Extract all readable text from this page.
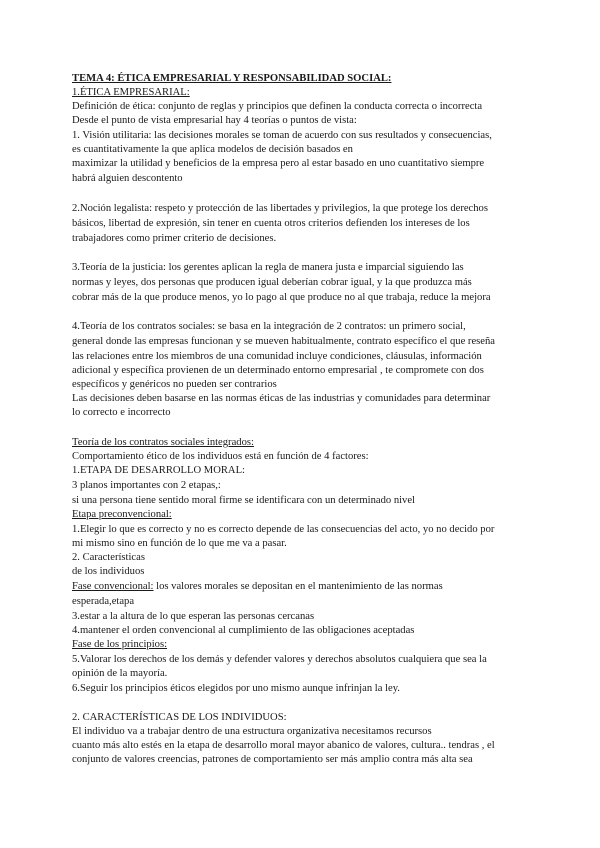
TEMA 4: ÉTICA EMPRESARIAL Y RESPONSABILIDAD SOCIAL:
1.ÉTICA EMPRESARIAL:
Definición de ética: conjunto de reglas y principios que definen la conducta correcta o incorrecta
Desde el punto de vista empresarial hay 4 teorías o puntos de vista:
1. Visión utilitaria: las decisiones morales se toman de acuerdo con sus resultados y consecuencias,
es cuantitativamente la que aplica modelos de decisión basados en
maximizar la utilidad y beneficios de la empresa pero al estar basado en uno cuantitativo siempre
habrá alguien descontento
2.Noción legalista: respeto y protección de las libertades y privilegios, la que protege los derechos
básicos, libertad de expresión, sin tener en cuenta otros criterios defienden los intereses de los
trabajadores como primer criterio de decisiones.
3.Teoría de la justicia: los gerentes aplican la regla de manera justa e imparcial siguiendo las
normas y leyes, dos personas que producen igual deberían cobrar igual, y la que produzca más
cobrar más de la que produce menos, yo lo pago al que produce no al que trabaja, reduce la mejora
4.Teoría de los contratos sociales: se basa en la integración de 2 contratos: un primero social,
general donde las empresas funcionan y se mueven habitualmente, contrato específico el que reseña
las relaciones entre los miembros de una comunidad incluye condiciones, cláusulas, información
adicional y específica provienen de un determinado entorno empresarial , te compromete con dos
específicos y genéricos no pueden ser contrarios
Las decisiones deben basarse en las normas éticas de las industrias y comunidades para determinar
lo correcto e incorrecto
Teoría de los contratos sociales integrados:
Comportamiento ético de los individuos está en función de 4 factores:
1.ETAPA DE DESARROLLO MORAL:
3 planos importantes con 2 etapas,:
si una persona tiene sentido moral firme se identificara con un determinado nivel
Etapa preconvencional:
1.Elegir lo que es correcto y no es correcto depende de las consecuencias del acto, yo no decido por
mi mismo sino en función de lo que me va a pasar.
2. Características
de los individuos
Fase convencional: los valores morales se depositan en el mantenimiento de las normas
esperada,etapa
3.estar a la altura de lo que esperan las personas cercanas
4.mantener el orden convencional al cumplimiento de las obligaciones aceptadas
Fase de los principios:
5.Valorar los derechos de los demás y defender valores y derechos absolutos cualquiera que sea la
opinión de la mayoría.
6.Seguir los principios éticos elegidos por uno mismo aunque infrinjan la ley.
2. CARACTERÍSTICAS DE LOS INDIVIDUOS:
El individuo va a trabajar dentro de una estructura organizativa necesitamos recursos
cuanto más alto estés en la etapa de desarrollo moral mayor abanico de valores, cultura.. tendras , el
conjunto de valores creencias, patrones de comportamiento ser más amplio contra más alta sea
